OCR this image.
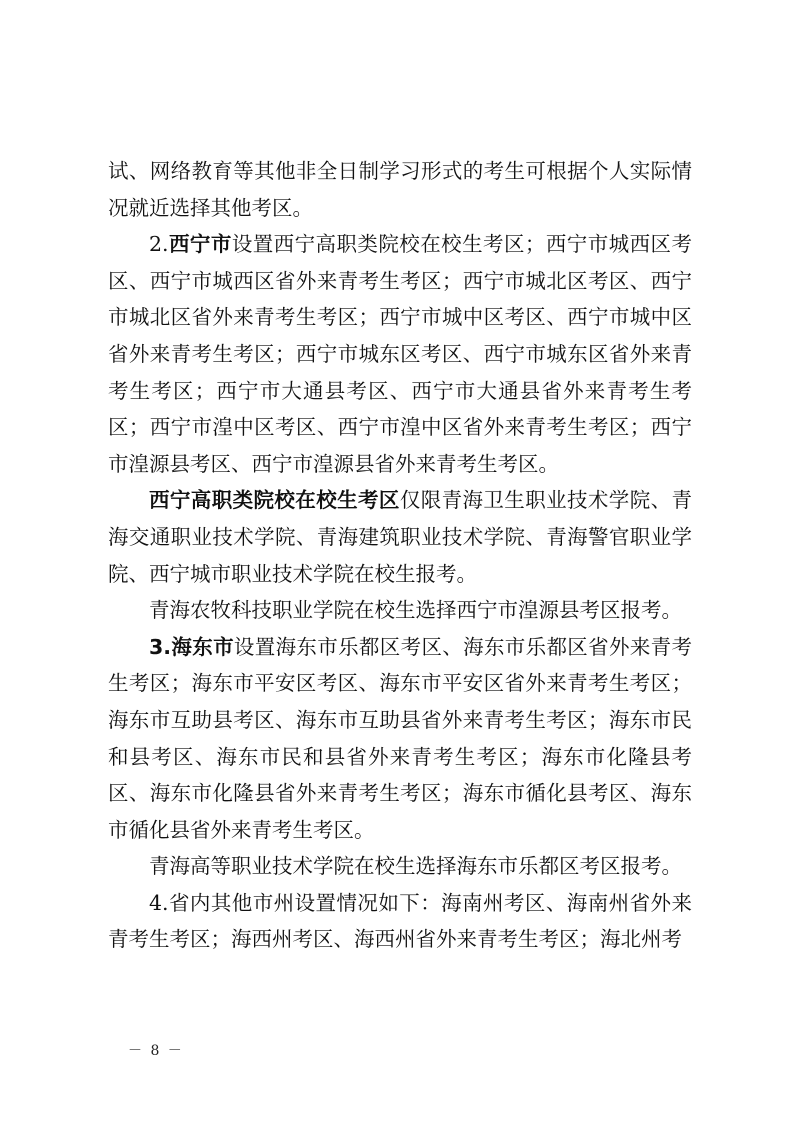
试、网络教育等其他非全日制学习形式的考生可根据个人实际情况就近选择其他考区。

2.西宁市设置西宁高职类院校在校生考区；西宁市城西区考区、西宁市城西区省外来青考生考区；西宁市城北区考区、西宁市城北区省外来青考生考区；西宁市城中区考区、西宁市城中区省外来青考生考区；西宁市城东区考区、西宁市城东区省外来青考生考区；西宁市大通县考区、西宁市大通县省外来青考生考区；西宁市湟中区考区、西宁市湟中区省外来青考生考区；西宁市湟源县考区、西宁市湟源县省外来青考生考区。

西宁高职类院校在校生考区仅限青海卫生职业技术学院、青海交通职业技术学院、青海建筑职业技术学院、青海警官职业学院、西宁城市职业技术学院在校生报考。

青海农牧科技职业学院在校生选择西宁市湟源县考区报考。

3.海东市设置海东市乐都区考区、海东市乐都区省外来青考生考区；海东市平安区考区、海东市平安区省外来青考生考区；海东市互助县考区、海东市互助县省外来青考生考区；海东市民和县考区、海东市民和县省外来青考生考区；海东市化隆县考区、海东市化隆县省外来青考生考区；海东市循化县考区、海东市循化县省外来青考生考区。

青海高等职业技术学院在校生选择海东市乐都区考区报考。

4.省内其他市州设置情况如下：海南州考区、海南州省外来青考生考区；海西州考区、海西州省外来青考生考区；海北州考

－ 8 －
